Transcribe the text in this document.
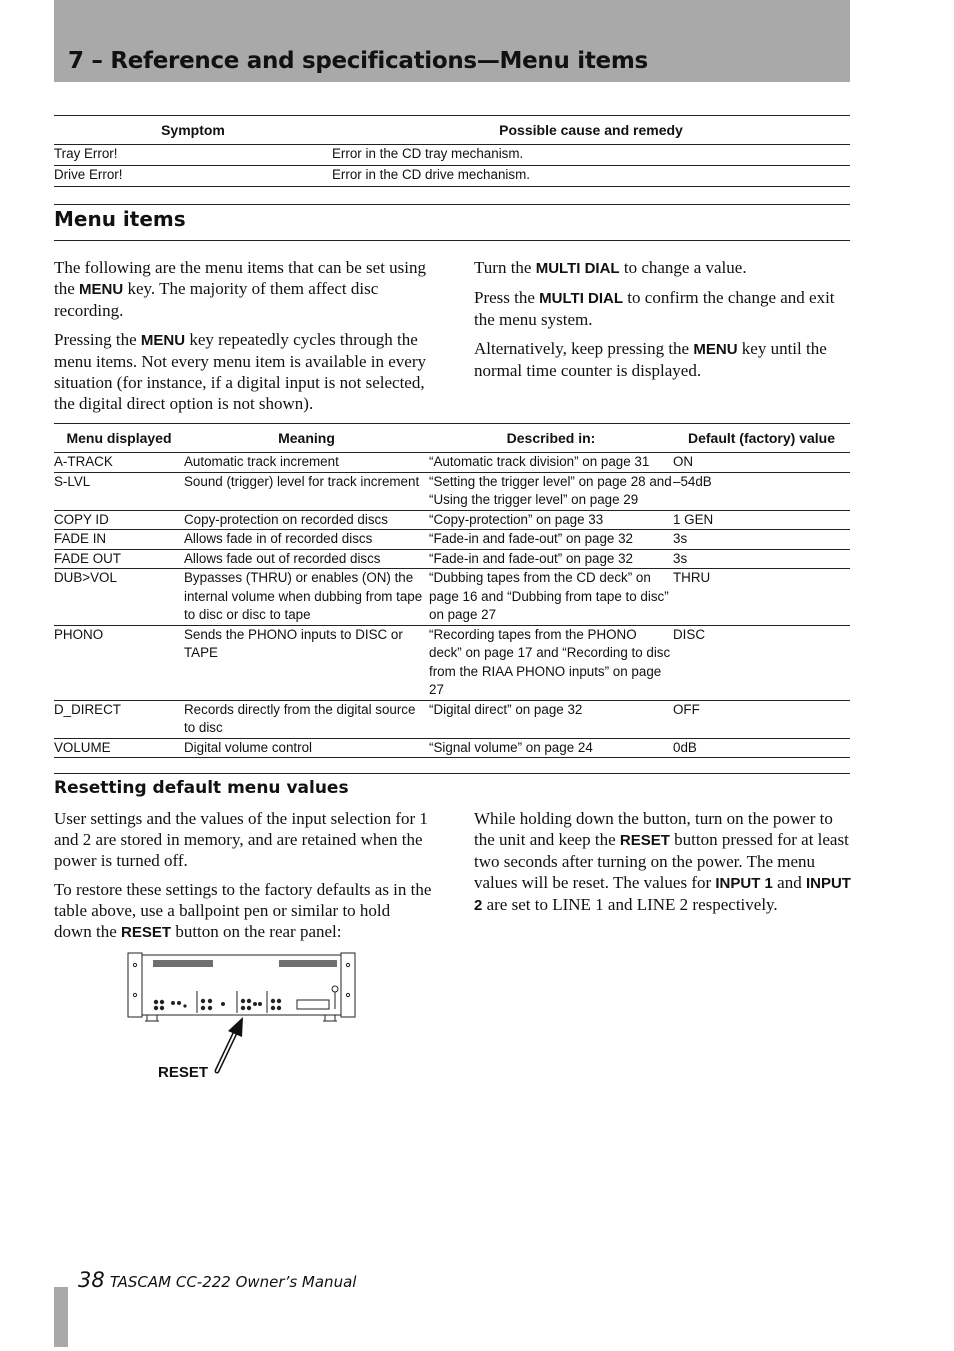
7 – Reference and specifications—Menu items
Symptom	Possible cause and remedy
Tray Error!	Error in the CD tray mechanism.
Drive Error!	Error in the CD drive mechanism.
Menu items

The following are the menu items that can be set using the MENU key. The majority of them affect disc recording.

Pressing the MENU key repeatedly cycles through the menu items. Not every menu item is available in every situation (for instance, if a digital input is not selected, the digital direct option is not shown).

Turn the MULTI DIAL to change a value.

Press the MULTI DIAL to confirm the change and exit the menu system.

Alternatively, keep pressing the MENU key until the normal time counter is displayed.

Menu displayed	Meaning	Described in:	Default (factory) value
A-TRACK	Automatic track increment	“Automatic track division” on page 31	ON
S-LVL	Sound (trigger) level for track increment	“Setting the trigger level” on page 28 and “Using the trigger level” on page 29	–54dB
COPY ID	Copy-protection on recorded discs	“Copy-protection” on page 33	1 GEN
FADE IN	Allows fade in of recorded discs	“Fade-in and fade-out” on page 32	3s
FADE OUT	Allows fade out of recorded discs	“Fade-in and fade-out” on page 32	3s
DUB>VOL	Bypasses (THRU) or enables (ON) the internal volume when dubbing from tape to disc or disc to tape	“Dubbing tapes from the CD deck” on page 16 and “Dubbing from tape to disc” on page 27	THRU
PHONO	Sends the PHONO inputs to DISC or TAPE	“Recording tapes from the PHONO deck” on page 17 and “Recording to disc from the RIAA PHONO inputs” on page 27	DISC
D_DIRECT	Records directly from the digital source to disc	“Digital direct” on page 32	OFF
VOLUME	Digital volume control	“Signal volume” on page 24	0dB
Resetting default menu values

User settings and the values of the input selection for 1 and 2 are stored in memory, and are retained when the power is turned off.

To restore these settings to the factory defaults as in the table above, use a ballpoint pen or similar to hold down the RESET button on the rear panel:

While holding down the button, turn on the power to the unit and keep the RESET button pressed for at least two seconds after turning on the power. The menu values will be reset. The values for INPUT 1 and INPUT 2 are set to LINE 1 and LINE 2 respectively.

RESET
38 TASCAM CC-222 Owner’s Manual
